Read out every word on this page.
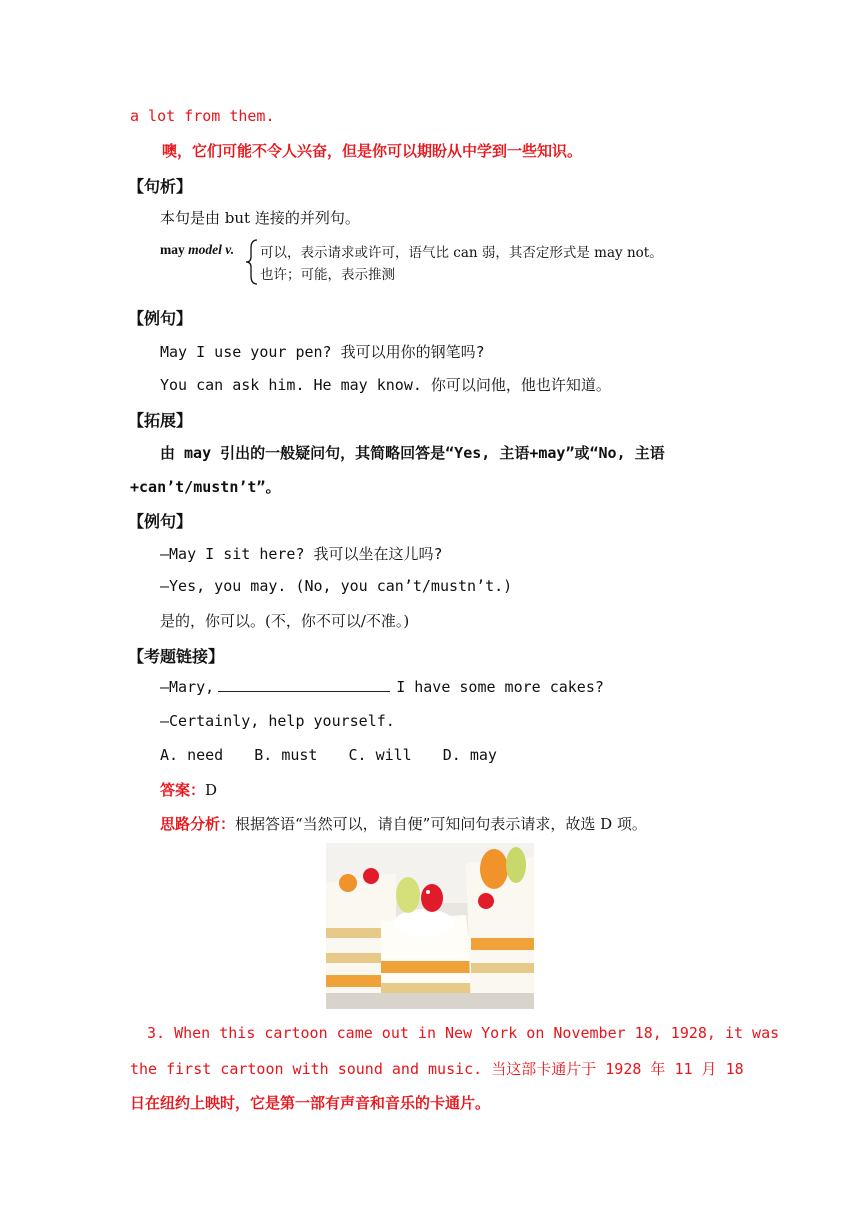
a lot from them.
噢，它们可能不令人兴奋，但是你可以期盼从中学到一些知识。
【句析】
本句是由 but 连接的并列句。
may model v. 可以，表示请求或许可，语气比 can 弱，其否定形式是 may not。
也许；可能，表示推测
【例句】
May I use your pen? 我可以用你的钢笔吗?
You can ask him. He may know. 你可以问他，他也许知道。
【拓展】
由 may 引出的一般疑问句，其简略回答是“Yes, 主语+may”或“No, 主语
+can’t/mustn’t”。
【例句】
—May I sit here? 我可以坐在这儿吗?
—Yes, you may. (No, you can’t/mustn’t.)
是的，你可以。(不，你不可以/不准。)
【考题链接】
—Mary,	I have some more cakes?
—Certainly, help yourself.
A. need B. must C. will D. may
答案：D
思路分析：根据答语“当然可以，请自便”可知问句表示请求，故选 D 项。
3. When this cartoon came out in New York on November 18, 1928, it was
the first cartoon with sound and music. 当这部卡通片于 1928 年 11 月 18
日在纽约上映时，它是第一部有声音和音乐的卡通片。
